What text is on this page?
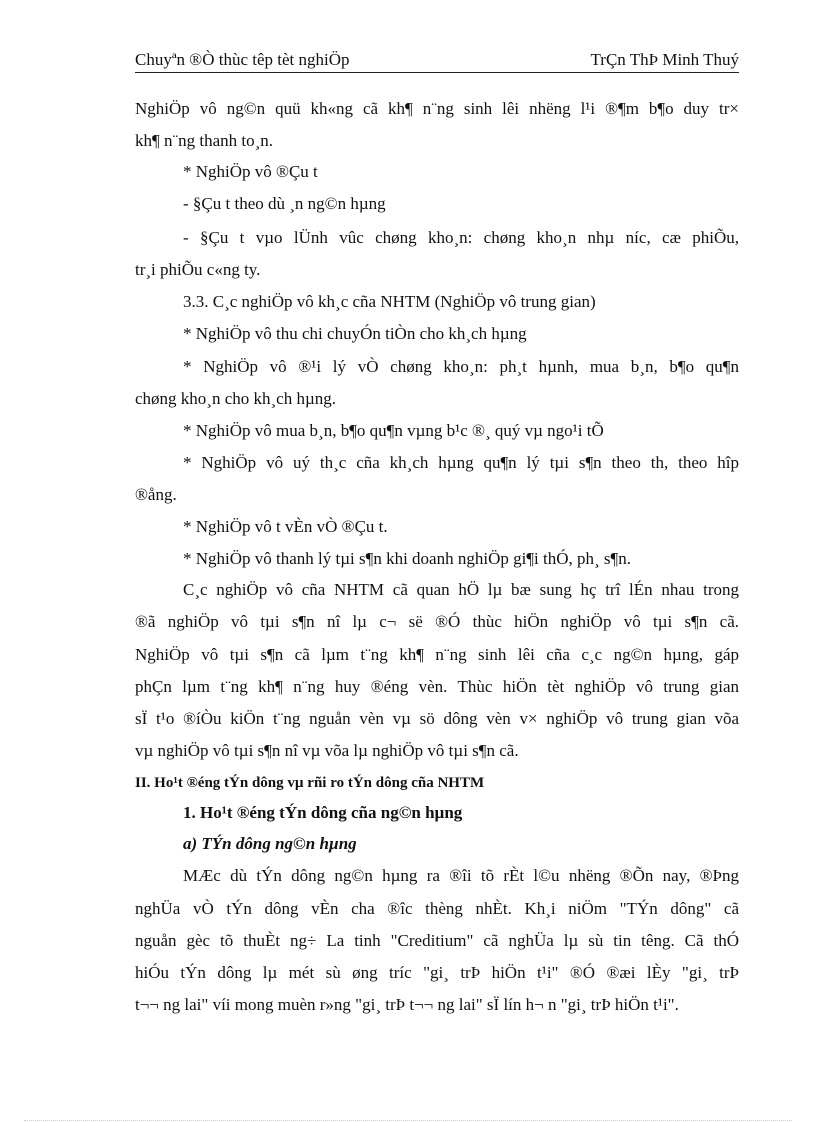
Chuyªn ®Ò thùc têp tèt nghiÖp	TrÇn ThÞ Minh Thuý
NghiÖp vô ng©n quü kh«ng cã kh¶ n¨ng sinh lêi nhëng l¹i ®¶m b¶o duy tr×
kh¶ n¨ng thanh to¸n.
* NghiÖp vô ®Çu t
- §Çu t theo dù ¸n ng©n hµng
- §Çu t vµo lÜnh vûc chøng kho¸n: chøng kho¸n nhµ níc, cæ phiÕu,
tr¸i phiÕu c«ng ty.
3.3. C¸c nghiÖp vô kh¸c cña NHTM (NghiÖp vô trung gian)
* NghiÖp vô thu chi chuyÓn tiÒn cho kh¸ch hµng
* NghiÖp vô ®¹i lý vÒ chøng kho¸n: ph¸t hµnh, mua b¸n, b¶o qu¶n
chøng kho¸n cho kh¸ch hµng.
* NghiÖp vô mua b¸n, b¶o qu¶n vµng b¹c ®¸ quý vµ ngo¹i tÕ
* NghiÖp vô uý th¸c cña kh¸ch hµng qu¶n lý tµi s¶n theo th, theo hîp
®ång.
* NghiÖp vô t vÈn vÒ ®Çu t.
* NghiÖp vô thanh lý tµi s¶n khi doanh nghiÖp gi¶i thÓ, ph¸ s¶n.
C¸c nghiÖp vô cña NHTM cã quan hÖ lµ bæ sung hç trî lÉn nhau trong
®ã nghiÖp vô tµi s¶n nî lµ c¬ së ®Ó thùc hiÖn nghiÖp vô tµi s¶n cã.
NghiÖp vô tµi s¶n cã lµm t¨ng kh¶ n¨ng sinh lêi cña c¸c ng©n hµng, gáp
phÇn lµm t¨ng kh¶ n¨ng huy ®éng vèn. Thùc hiÖn tèt nghiÖp vô trung gian
sÏ t¹o ®íÒu kiÖn t¨ng nguån vèn vµ sö dông vèn v× nghiÖp vô trung gian võa
vµ nghiÖp vô tµi s¶n nî vµ võa lµ nghiÖp vô tµi s¶n cã.
II. Ho¹t ®éng tÝn dông vµ rñi ro tÝn dông cña NHTM
1. Ho¹t ®éng tÝn dông cña ng©n hµng
a) TÝn dông ng©n hµng
MÆc dù tÝn dông ng©n hµng ra ®îi tõ rÈt l©u nhëng ®Õn nay, ®Þng
nghÜa vÒ tÝn dông vÈn cha ®îc thèng nhÈt. Kh¸i niÖm "TÝn dông" cã
nguån gèc tõ thuÈt ng÷ La tinh "Creditium" cã nghÜa lµ sù tin têng. Cã thÓ
hiÓu tÝn dông lµ mét sù øng tríc "gi¸ trÞ hiÖn t¹i" ®Ó ®æi lÈy "gi¸ trÞ
t¬¬ ng lai" víi mong muèn r»ng "gi¸ trÞ t¬¬ ng lai" sÏ lín h¬ n "gi¸ trÞ hiÖn t¹i".
